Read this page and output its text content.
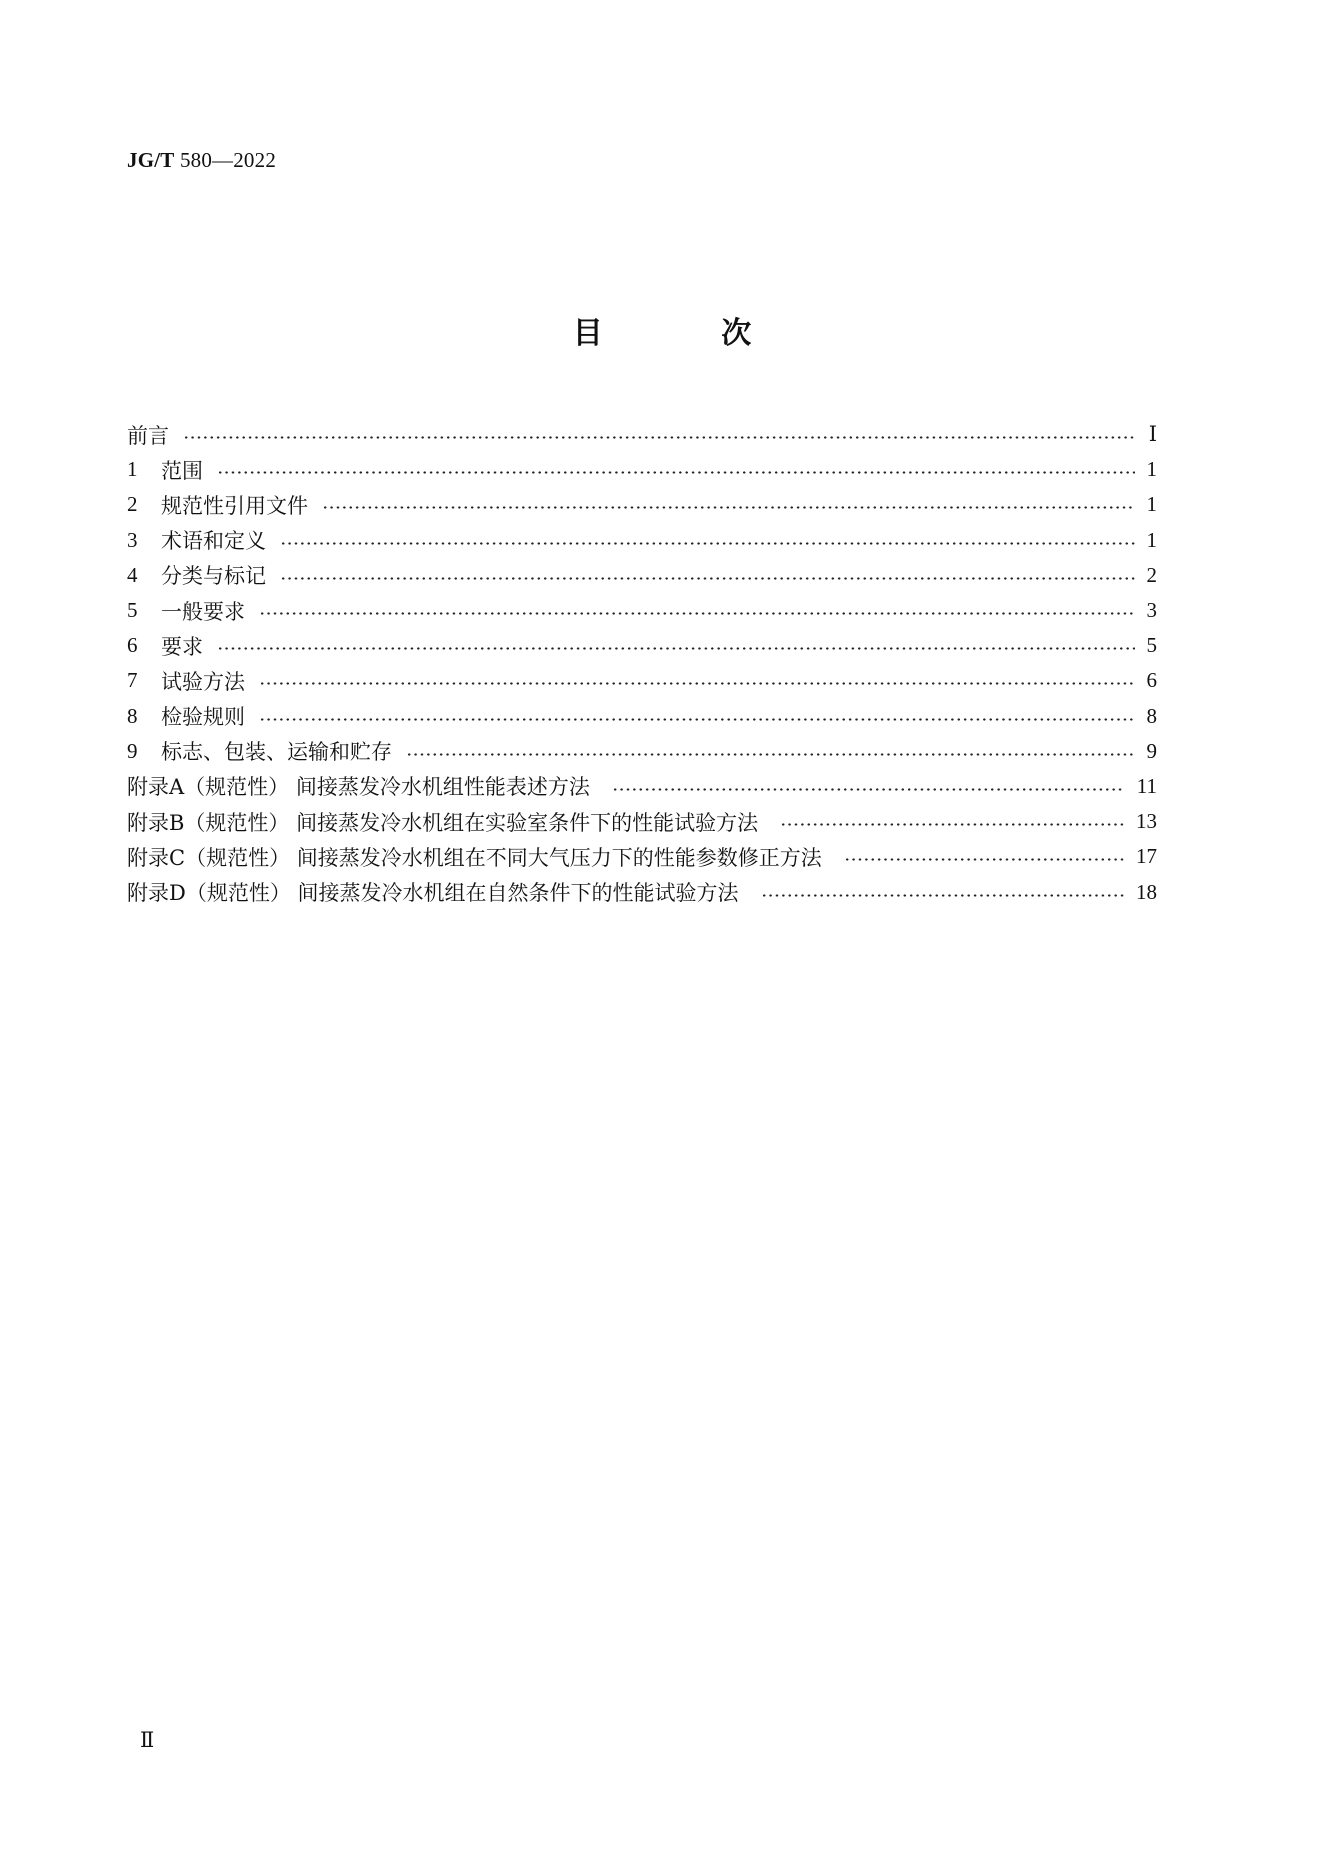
JG/T 580—2022
目 次
前言	Ⅰ
1	范围	1
2	规范性引用文件	1
3	术语和定义	1
4	分类与标记	2
5	一般要求	3
6	要求	5
7	试验方法	6
8	检验规则	8
9	标志、包装、运输和贮存	9
附录A（规范性） 间接蒸发冷水机组性能表述方法	11
附录B（规范性） 间接蒸发冷水机组在实验室条件下的性能试验方法	13
附录C（规范性） 间接蒸发冷水机组在不同大气压力下的性能参数修正方法	17
附录D（规范性） 间接蒸发冷水机组在自然条件下的性能试验方法	18
Ⅱ
